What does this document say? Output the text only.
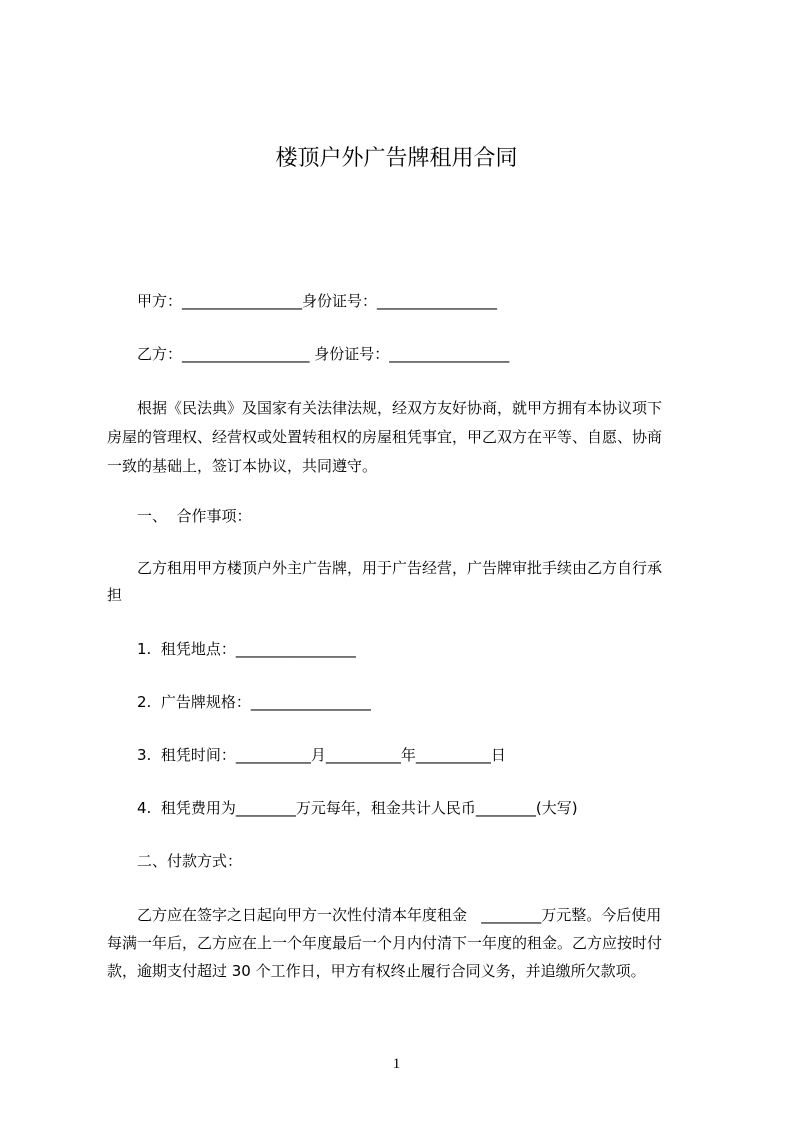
楼顶户外广告牌租用合同
甲方：________________身份证号：________________
乙方：_________________ 身份证号：________________
根据《民法典》及国家有关法律法规，经双方友好协商，就甲方拥有本协议项下
房屋的管理权、经营权或处置转租权的房屋租凭事宜，甲乙双方在平等、自愿、协商
一致的基础上，签订本协议，共同遵守。
一、  合作事项：
乙方租用甲方楼顶户外主广告牌，用于广告经营，广告牌审批手续由乙方自行承
担
1.  租凭地点：________________
2.  广告牌规格：________________
3.  租凭时间：__________月__________年__________日
4.  租凭费用为________万元每年，租金共计人民币________(大写)
二、付款方式：
乙方应在签字之日起向甲方一次性付清本年度租金   ________万元整。今后使用
每满一年后，乙方应在上一个年度最后一个月内付清下一年度的租金。乙方应按时付
款，逾期支付超过 30 个工作日，甲方有权终止履行合同义务，并追缴所欠款项。
1
